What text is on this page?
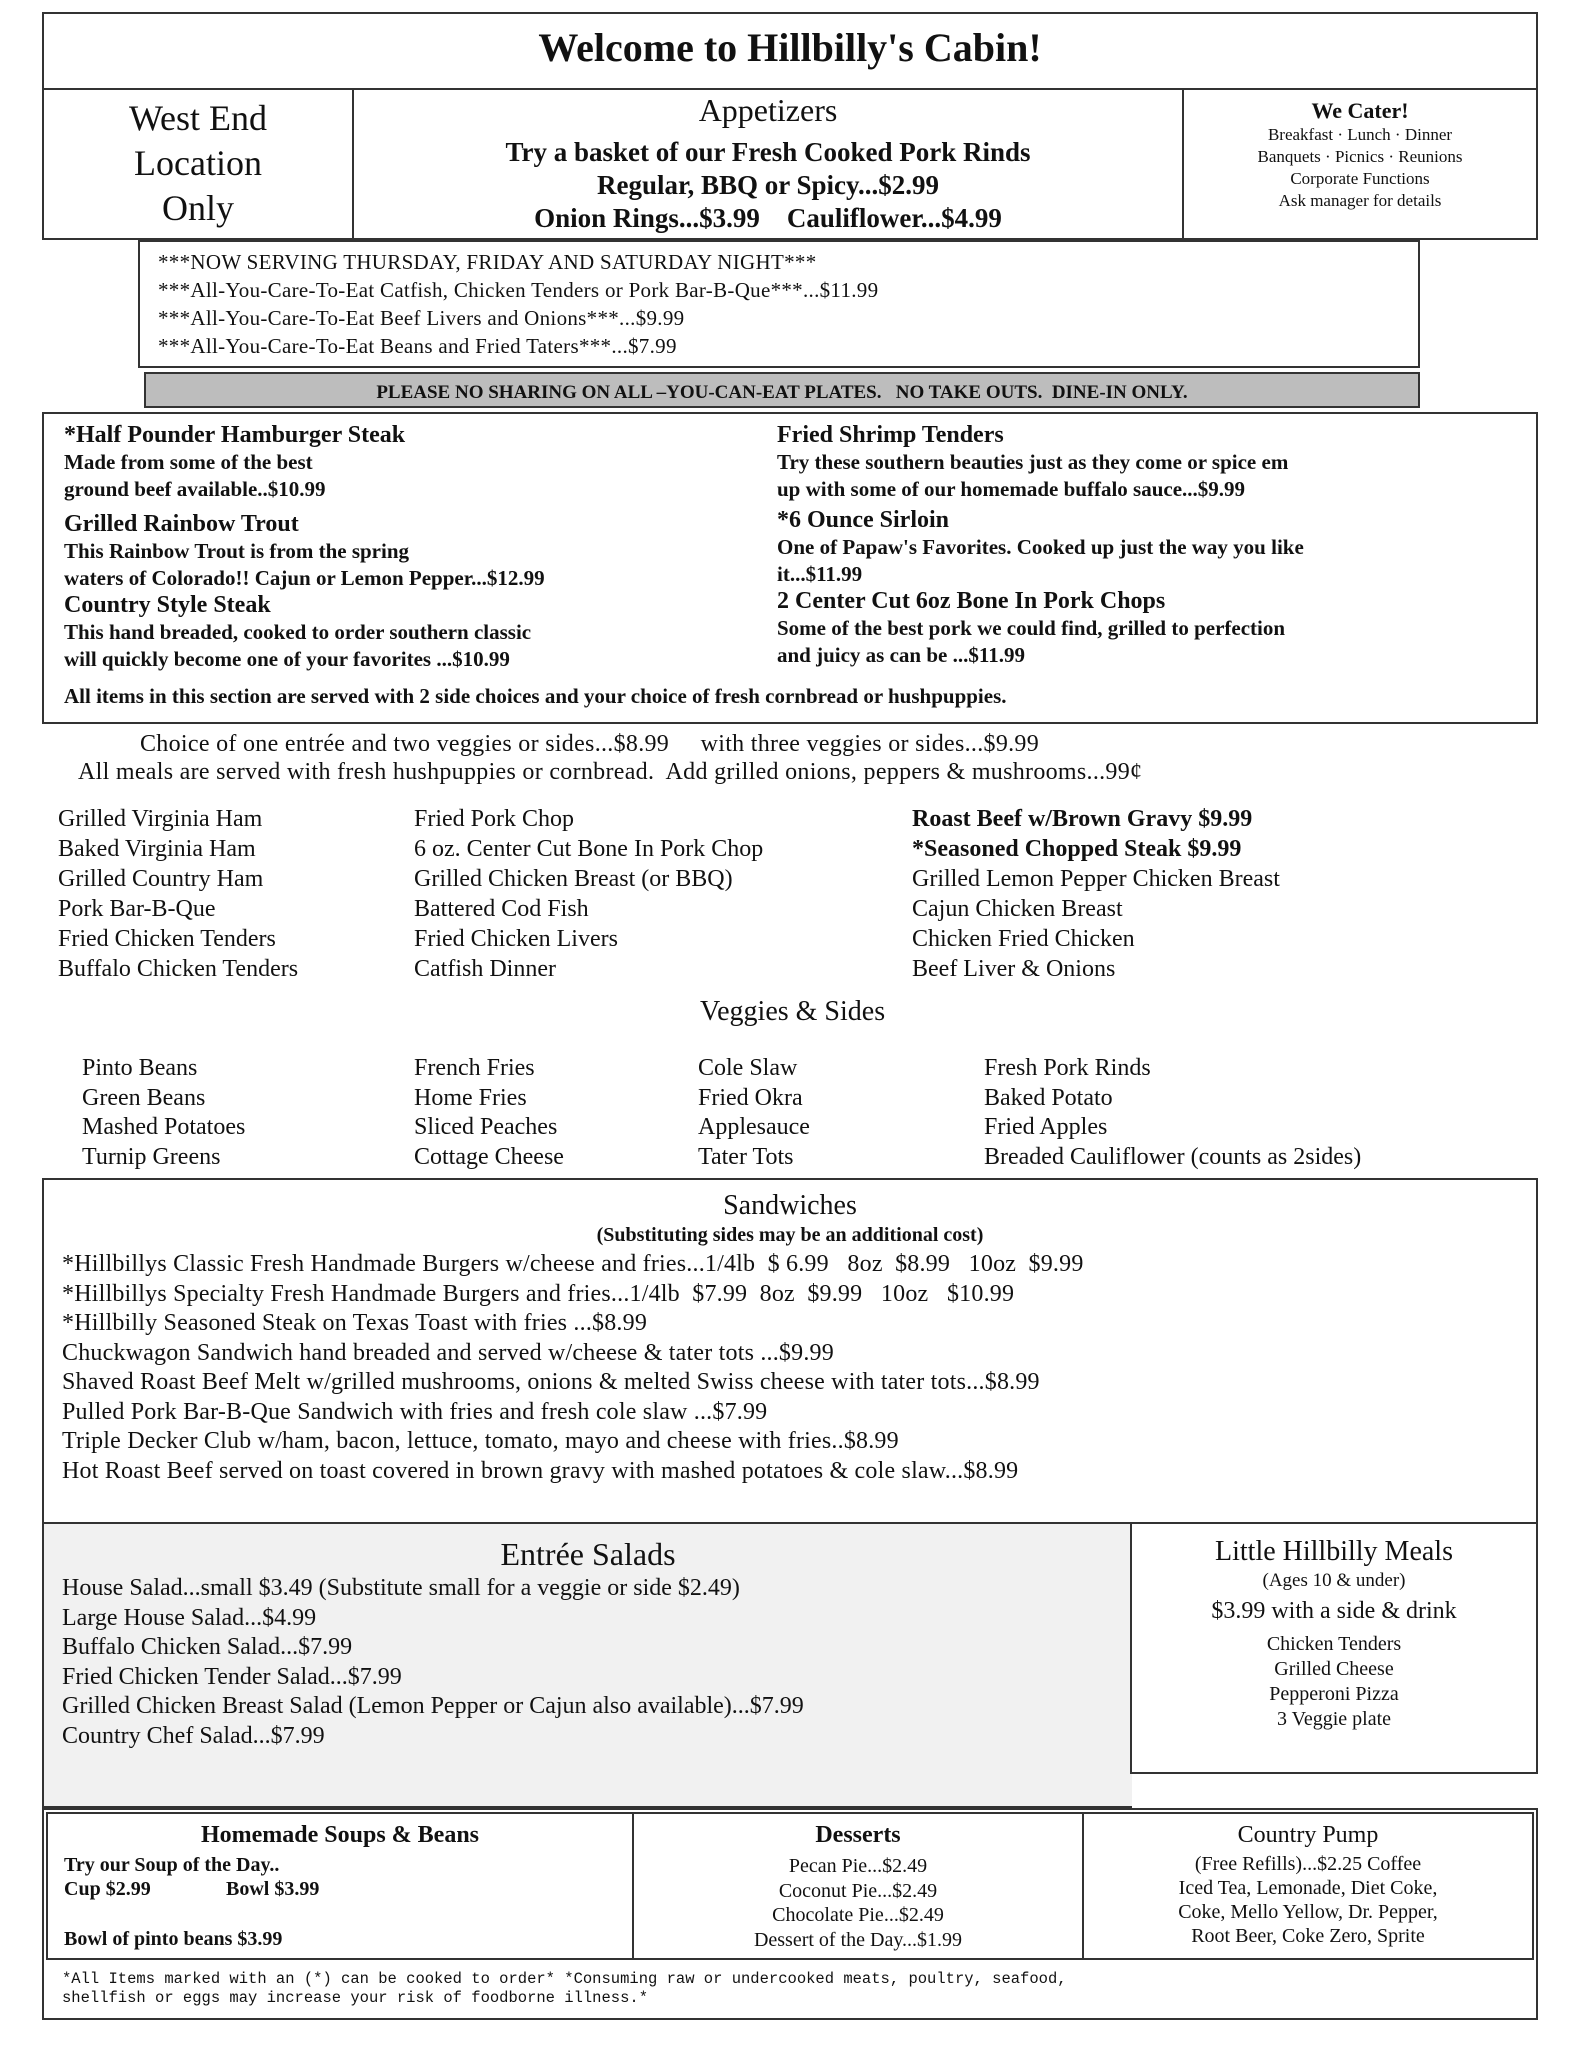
Welcome to Hillbilly's Cabin!
West End
Location
Only
Appetizers
Try a basket of our Fresh Cooked Pork Rinds
Regular, BBQ or Spicy...$2.99
Onion Rings...$3.99    Cauliflower...$4.99
We Cater!
Breakfast · Lunch · Dinner
Banquets · Picnics · Reunions
Corporate Functions
Ask manager for details
***NOW SERVING THURSDAY, FRIDAY AND SATURDAY NIGHT***
***All-You-Care-To-Eat Catfish, Chicken Tenders or Pork Bar-B-Que***...$11.99
***All-You-Care-To-Eat Beef Livers and Onions***...$9.99
***All-You-Care-To-Eat Beans and Fried Taters***...$7.99
PLEASE NO SHARING ON ALL –YOU-CAN-EAT PLATES.   NO TAKE OUTS.  DINE-IN ONLY.
*Half Pounder Hamburger Steak
Made from some of the best
ground beef available..$10.99
Grilled Rainbow Trout
This Rainbow Trout is from the spring
waters of Colorado!! Cajun or Lemon Pepper...$12.99
Country Style Steak
This hand breaded, cooked to order southern classic
will quickly become one of your favorites ...$10.99
Fried Shrimp Tenders
Try these southern beauties just as they come or spice em
up with some of our homemade buffalo sauce...$9.99
*6 Ounce Sirloin
One of Papaw's Favorites. Cooked up just the way you like
it...$11.99
2 Center Cut 6oz Bone In Pork Chops
Some of the best pork we could find, grilled to perfection
and juicy as can be ...$11.99
All items in this section are served with 2 side choices and your choice of fresh cornbread or hushpuppies.
Choice of one entrée and two veggies or sides...$8.99     with three veggies or sides...$9.99
All meals are served with fresh hushpuppies or cornbread.  Add grilled onions, peppers & mushrooms...99¢
Grilled Virginia Ham
Baked Virginia Ham
Grilled Country Ham
Pork Bar-B-Que
Fried Chicken Tenders
Buffalo Chicken Tenders
Fried Pork Chop
6 oz. Center Cut Bone In Pork Chop
Grilled Chicken Breast (or BBQ)
Battered Cod Fish
Fried Chicken Livers
Catfish Dinner
Roast Beef w/Brown Gravy $9.99
*Seasoned Chopped Steak $9.99
Grilled Lemon Pepper Chicken Breast
Cajun Chicken Breast
Chicken Fried Chicken
Beef Liver & Onions
Veggies & Sides
Pinto Beans
Green Beans
Mashed Potatoes
Turnip Greens
French Fries
Home Fries
Sliced Peaches
Cottage Cheese
Cole Slaw
Fried Okra
Applesauce
Tater Tots
Fresh Pork Rinds
Baked Potato
Fried Apples
Breaded Cauliflower (counts as 2sides)
Sandwiches
(Substituting sides may be an additional cost)
*Hillbillys Classic Fresh Handmade Burgers w/cheese and fries...1/4lb  $ 6.99   8oz  $8.99   10oz  $9.99
*Hillbillys Specialty Fresh Handmade Burgers and fries...1/4lb  $7.99  8oz  $9.99   10oz   $10.99
*Hillbilly Seasoned Steak on Texas Toast with fries ...$8.99
Chuckwagon Sandwich hand breaded and served w/cheese & tater tots ...$9.99
Shaved Roast Beef Melt w/grilled mushrooms, onions & melted Swiss cheese with tater tots...$8.99
Pulled Pork Bar-B-Que Sandwich with fries and fresh cole slaw ...$7.99
Triple Decker Club w/ham, bacon, lettuce, tomato, mayo and cheese with fries..$8.99
Hot Roast Beef served on toast covered in brown gravy with mashed potatoes & cole slaw...$8.99
Entrée Salads
House Salad...small $3.49 (Substitute small for a veggie or side $2.49)
Large House Salad...$4.99
Buffalo Chicken Salad...$7.99
Fried Chicken Tender Salad...$7.99
Grilled Chicken Breast Salad (Lemon Pepper or Cajun also available)...$7.99
Country Chef Salad...$7.99
Little Hillbilly Meals
(Ages 10 & under)
$3.99 with a side & drink
Chicken Tenders
Grilled Cheese
Pepperoni Pizza
3 Veggie plate
Homemade Soups & Beans
Try our Soup of the Day..
Cup $2.99	Bowl $3.99
Bowl of pinto beans $3.99
Desserts
Pecan Pie...$2.49
Coconut Pie...$2.49
Chocolate Pie...$2.49
Dessert of the Day...$1.99
Country Pump
(Free Refills)...$2.25 Coffee
Iced Tea, Lemonade, Diet Coke,
Coke, Mello Yellow, Dr. Pepper,
Root Beer, Coke Zero, Sprite
*All Items marked with an (*) can be cooked to order* *Consuming raw or undercooked meats, poultry, seafood,
shellfish or eggs may increase your risk of foodborne illness.*
